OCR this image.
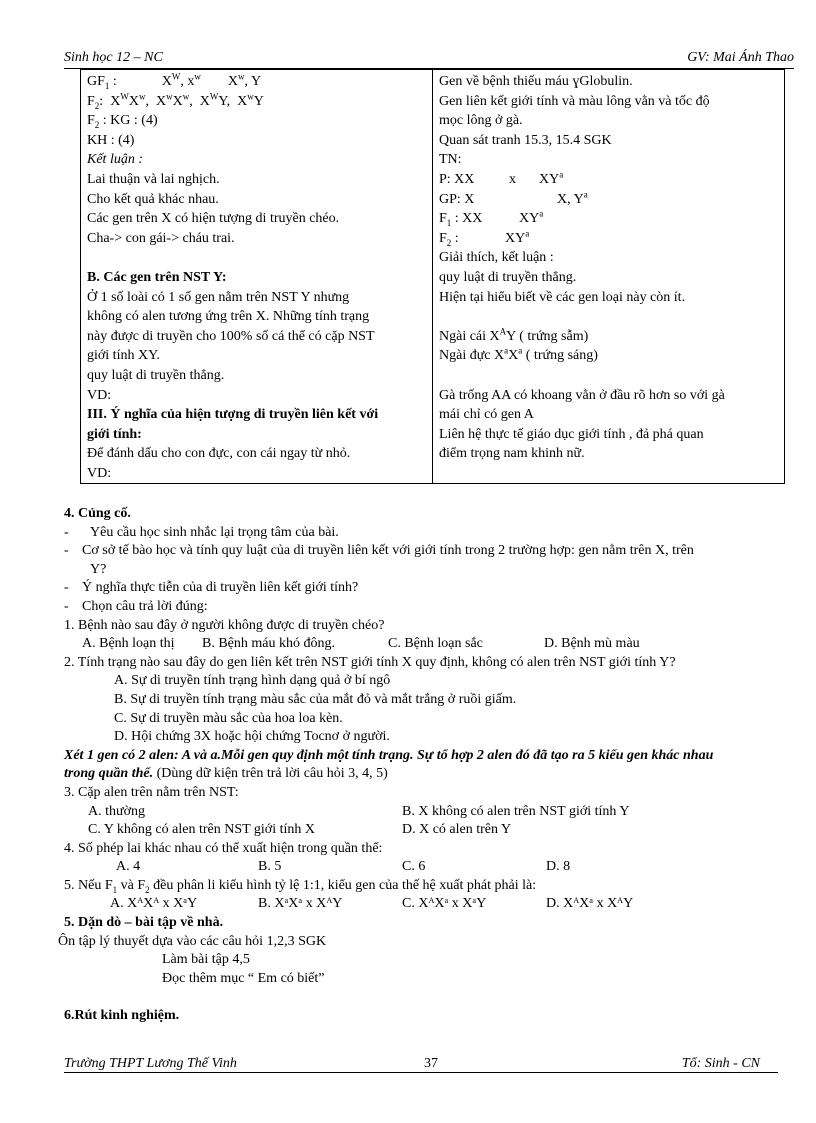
Sinh học 12 – NC	GV: Mai Ánh Thao
$GF_1$ :	$X^W$, $x^w$ $X^w$, Y
$F_2$: $X^WX^w$,  $X^wX^w$,  $X^WY$,  $X^wY$
$F_2$ : KG : (4)
KH : (4)
Kết luận :
Lai thuận và lai nghịch.
Cho kết quả khác nhau.
Các gen trên X có hiện tượng di truyền chéo.
Cha-> con gái-> cháu trai.
B. Các gen trên NST Y:
Ở 1 số loài có 1 số gen nằm trên NST Y nhưng
không có alen tương ứng trên X. Những tính trạng
này được di truyền cho 100% số cá thể có cặp NST
giới tính XY.
quy luật di truyền thẳng.
VD:
III. Ý nghĩa của hiện tượng di truyền liên kết với
giới tính:
Để đánh dấu cho con đực, con cái ngay từ nhỏ.
VD:

Gen về bệnh thiếu máu ɣGlobulin.
Gen liên kết giới tính và màu lông vằn và tốc độ
mọc lông ở gà.
Quan sát tranh 15.3, 15.4 SGK
TN:
P: XX x $XY^a$
GP: X	X, $Y^a$
$F_1$ : XX	$XY^a$
$F_2$ :	$XY^a$
Giải thích, kết luận :
quy luật di truyền thẳng.
Hiện tại hiểu biết về các gen loại này còn ít.
Ngài cái $X^AY$ ( trứng sẫm)
Ngài đực $X^aX^a$ ( trứng sáng)
Gà trống AA có khoang vằn ở đầu rõ hơn so với gà
mái chỉ có gen A
Liên hệ thực tế giáo dục giới tính , đả phá quan
điểm trọng nam khinh nữ.
4. Củng cố.
- Yêu cầu học sinh nhắc lại trọng tâm của bài.
- Cơ sở tế bào học và tính quy luật của di truyền liên kết với giới tính trong 2 trường hợp: gen nằm trên X, trên
Y?
- Ý nghĩa thực tiễn của di truyền liên kết giới tính?
- Chọn câu trả lời đúng:
1. Bệnh nào sau đây ở người không được di truyền chéo?
A. Bệnh loạn thị B. Bệnh máu khó đông.	C. Bệnh loạn sắc	D. Bệnh mù màu
2. Tính trạng nào sau đây do gen liên kết trên NST giới tính X quy định, không có alen trên NST giới tính Y?
A. Sự di truyền tính trạng hình dạng quả ở bí ngô
B. Sự di truyền tính trạng màu sắc của mắt đỏ và mắt trắng ở ruồi giấm.
C. Sự di truyền màu sắc của hoa loa kèn.
D. Hội chứng 3X hoặc hội chứng Tocnơ ở người.
Xét 1 gen có 2 alen: A và a.Mỗi gen quy định một tính trạng. Sự tổ hợp 2 alen đó đã tạo ra 5 kiểu gen khác nhau
trong quần thể. (Dùng dữ kiện trên trả lời câu hỏi 3, 4, 5)
3. Cặp alen trên nằm trên NST:
A. thường	B. X không có alen trên NST giới tính Y
C. Y không có alen trên NST giới tính X	D. X có alen trên Y
4. Số phép lai khác nhau có thể xuất hiện trong quần thể:
A. 4	B. 5	C. 6	D. 8
5. Nếu $F_1$ và $F_2$ đều phân li kiểu hình tỷ lệ 1:1, kiểu gen của thế hệ xuất phát phải là:
A. XᴬXᴬ x XᵃY	B. XᵃXᵃ x XᴬY	C. XᴬXᵃ x XᵃY	D. XᴬXᵃ x XᴬY
5. Dặn dò – bài tập về nhà.
Ôn tập lý thuyết dựa vào các câu hỏi 1,2,3 SGK
Làm bài tập 4,5
Đọc thêm mục “ Em có biết”
6.Rút kinh nghiệm.
Trường THPT Lương Thế Vinh	37	Tổ: Sinh - CN
